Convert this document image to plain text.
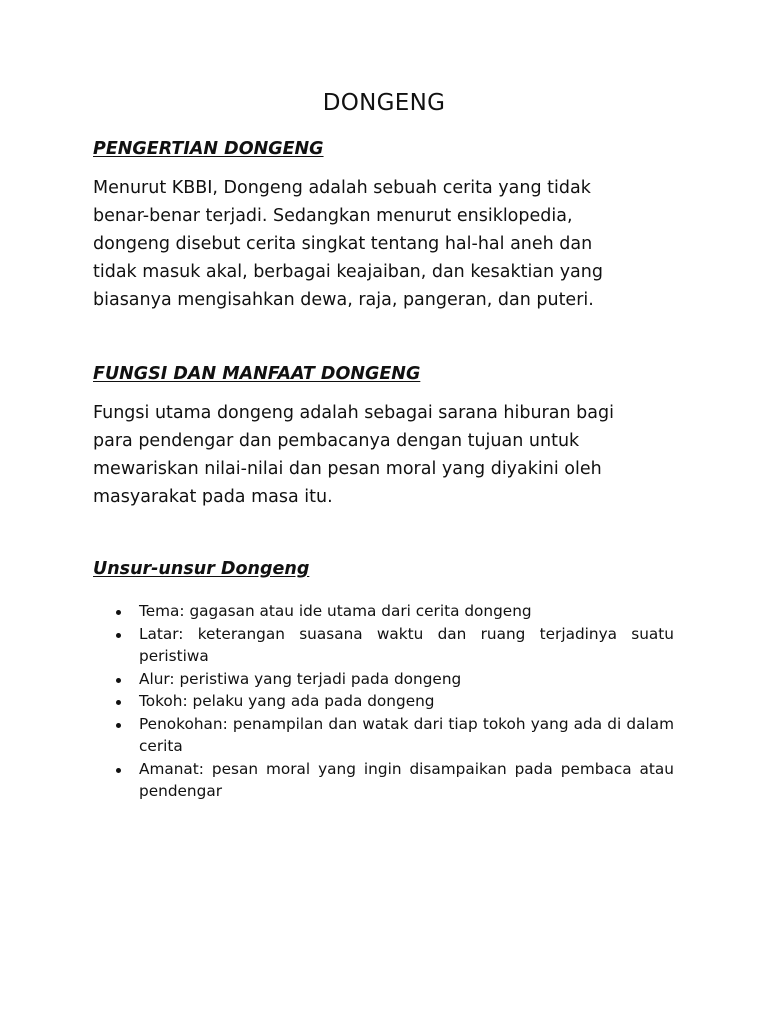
DONGENG
PENGERTIAN DONGENG

Menurut KBBI, Dongeng adalah sebuah cerita yang tidak
benar-benar terjadi. Sedangkan menurut ensiklopedia,
dongeng disebut cerita singkat tentang hal-hal aneh dan
tidak masuk akal, berbagai keajaiban, dan kesaktian yang
biasanya mengisahkan dewa, raja, pangeran, dan puteri.

FUNGSI DAN MANFAAT DONGENG

Fungsi utama dongeng adalah sebagai sarana hiburan bagi
para pendengar dan pembacanya dengan tujuan untuk
mewariskan nilai-nilai dan pesan moral yang diyakini oleh
masyarakat pada masa itu.

Unsur-unsur Dongeng
Tema: gagasan atau ide utama dari cerita dongeng
Latar: keterangan suasana waktu dan ruang terjadinya suatu peristiwa
Alur: peristiwa yang terjadi pada dongeng
Tokoh: pelaku yang ada pada dongeng
Penokohan: penampilan dan watak dari tiap tokoh yang ada di dalam cerita
Amanat: pesan moral yang ingin disampaikan pada pembaca atau pendengar
